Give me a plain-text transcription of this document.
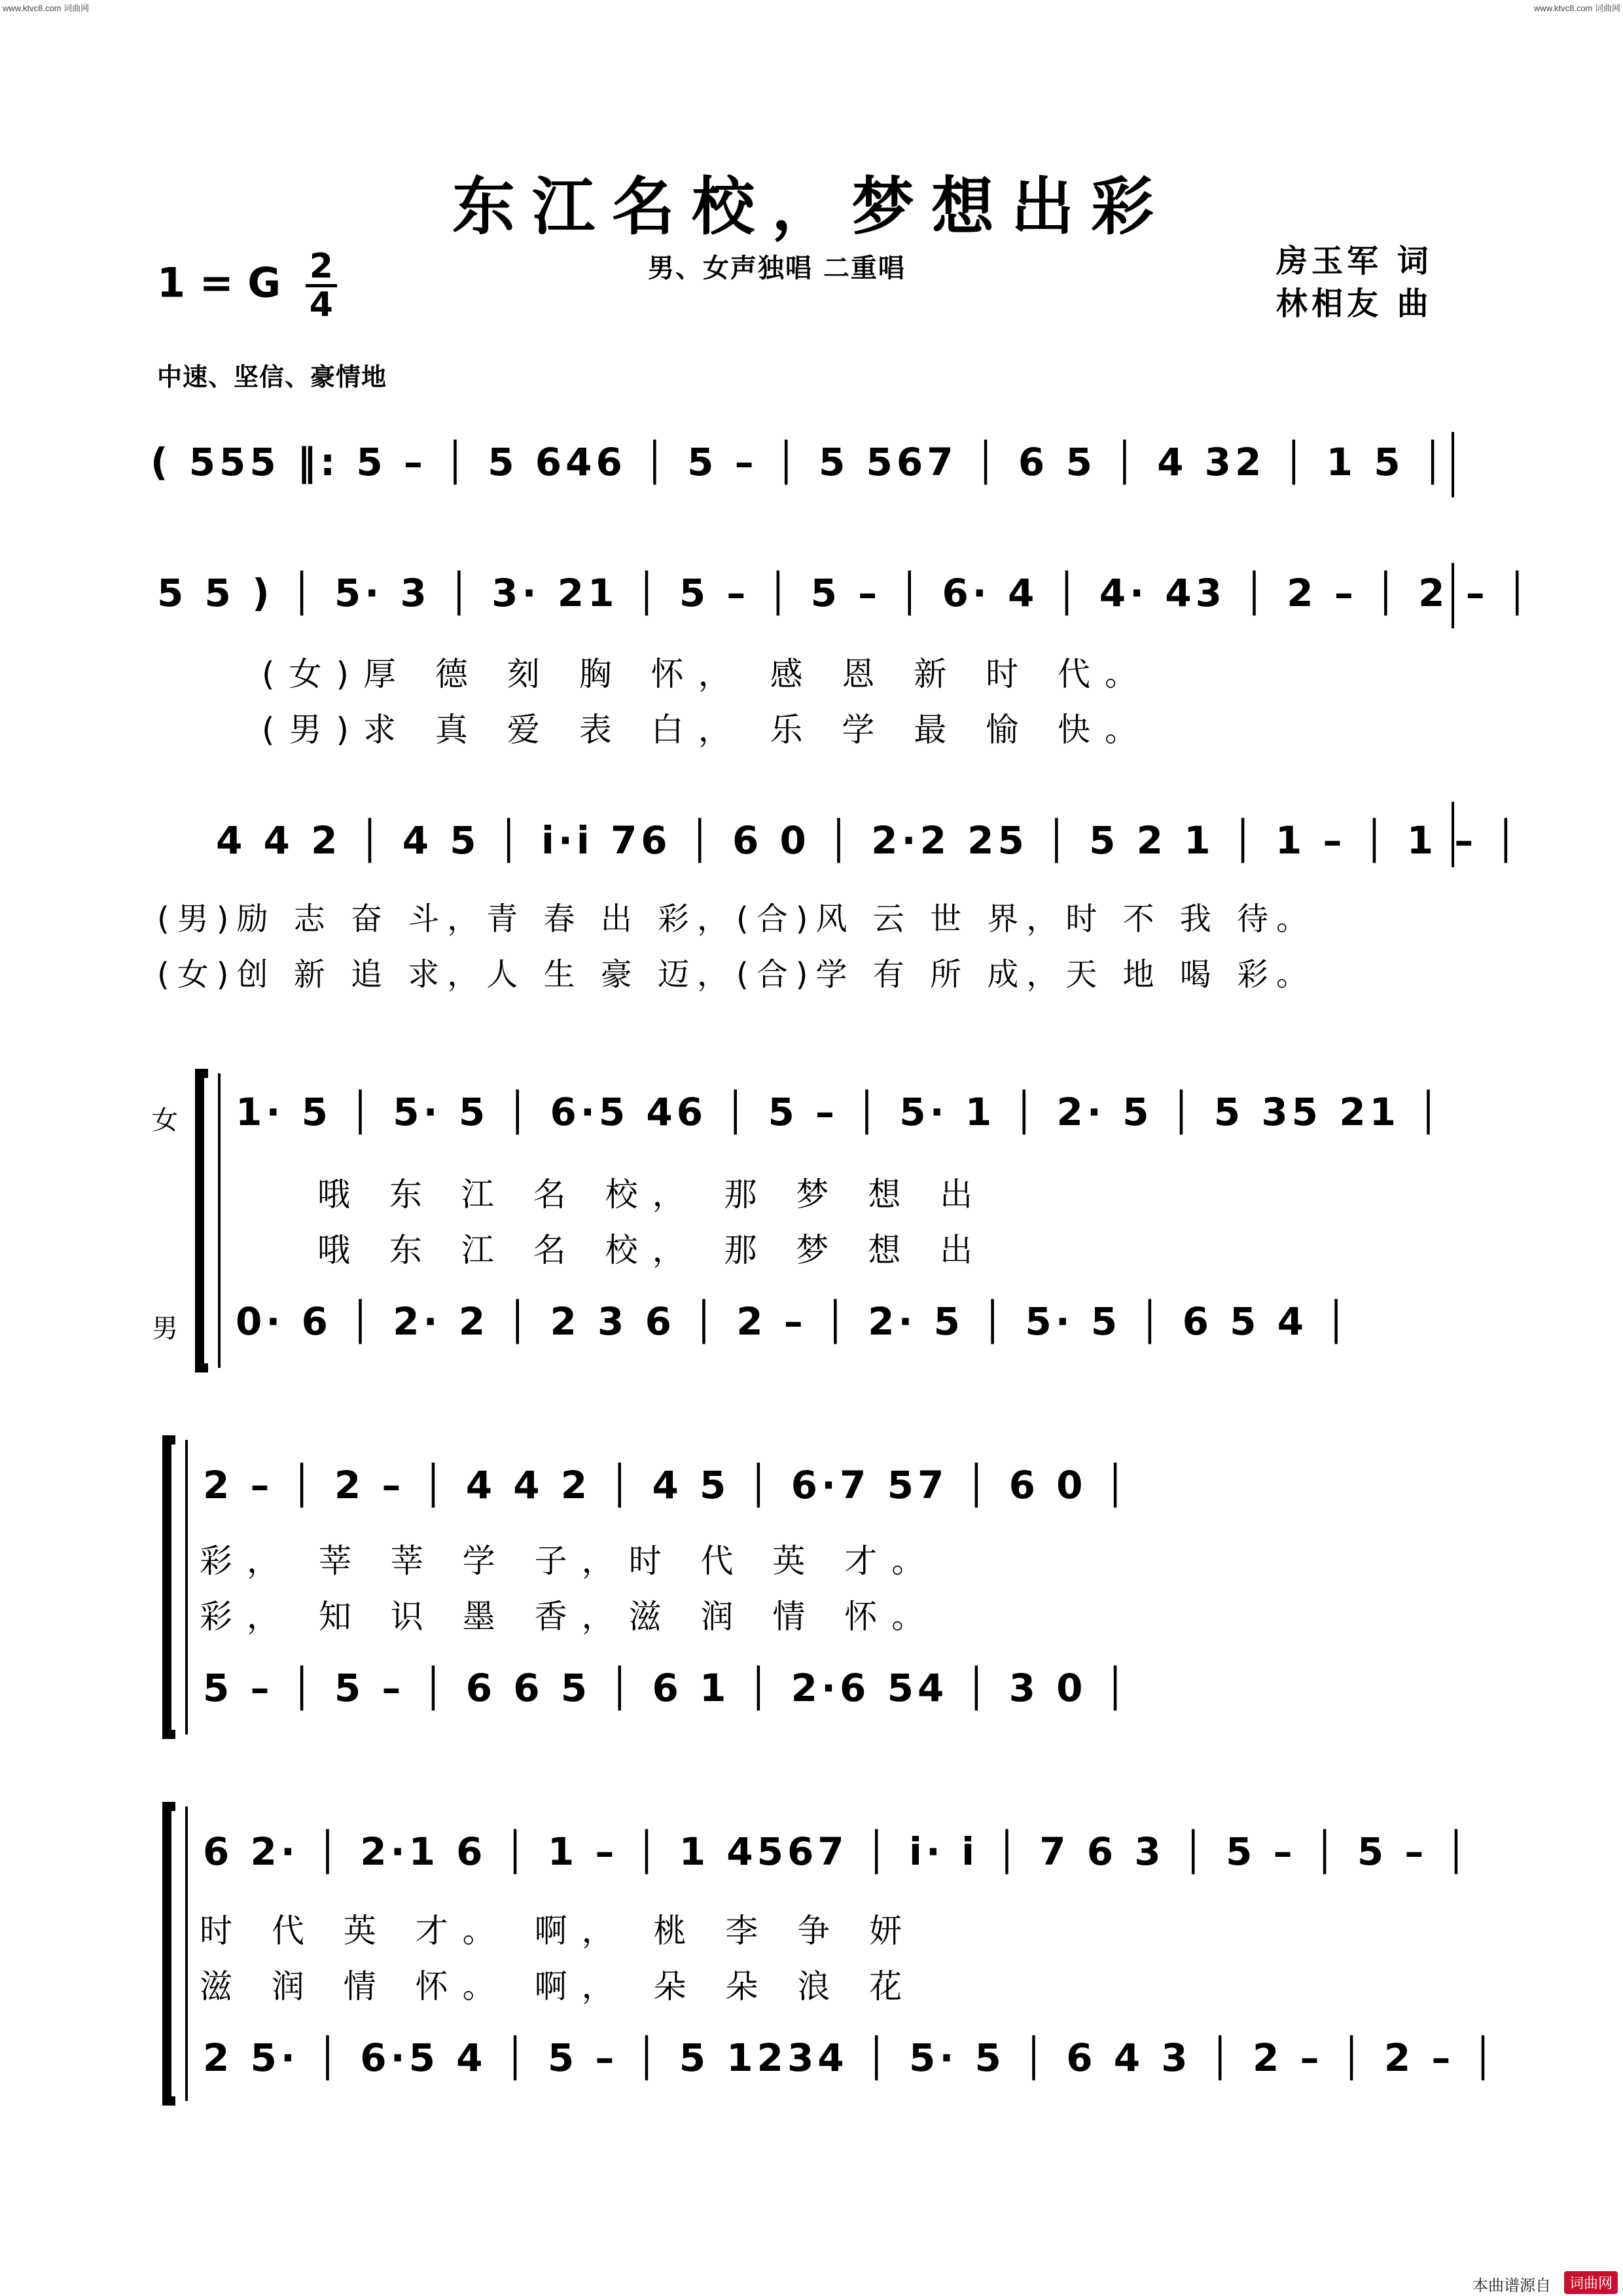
www.ktvc8.com 词曲网	www.ktvc8.com 词曲网
东江名校，梦想出彩
1 = G $\frac{2}{4}$	男、女声独唱 二重唱	房玉军 词
林相友 曲
中速、坚信、豪情地
( 555 ‖: 5 – │ 5 646 │ 5 – │ 5 567 │ 6 5 │ 4 32 │ 1 5 │
5 5 ) │ 5· 3 │ 3· 21 │ 5 – │ 5 – │ 6· 4 │ 4· 43 │ 2 – │ 2 – │
(女)厚 德 刻 胸 怀， 感 恩 新 时 代。
(男)求 真 爱 表 白， 乐 学 最 愉 快。
4 4 2 │ 4 5 │ i·i 76 │ 6 0 │ 2·2 25 │ 5 2 1 │ 1 – │ 1 – │
(男)励 志 奋 斗，青 春 出 彩，(合)风 云 世 界，时 不 我 待。
(女)创 新 追 求，人 生 豪 迈，(合)学 有 所 成，天 地 喝 彩。
女
男
1· 5 │ 5· 5 │ 6·5 46 │ 5 – │ 5· 1 │ 2· 5 │ 5 35 21 │
哦 东 江 名 校， 那 梦 想 出
哦 东 江 名 校， 那 梦 想 出
0· 6 │ 2· 2 │ 2 3 6 │ 2 – │ 2· 5 │ 5· 5 │ 6 5 4 │
2 – │ 2 – │ 4 4 2 │ 4 5 │ 6·7 57 │ 6 0 │
彩， 莘 莘 学 子，时 代 英 才。
彩， 知 识 墨 香，滋 润 情 怀。
5 – │ 5 – │ 6 6 5 │ 6 1 │ 2·6 54 │ 3 0 │
6 2· │ 2·1 6 │ 1 – │ 1 4567 │ i· i │ 7 6 3 │ 5 – │ 5 – │
时 代 英 才。 啊， 桃 李 争 妍
滋 润 情 怀。 啊， 朵 朵 浪 花
2 5· │ 6·5 4 │ 5 – │ 5 1234 │ 5· 5 │ 6 4 3 │ 2 – │ 2 – │
本曲谱源自	词曲网
